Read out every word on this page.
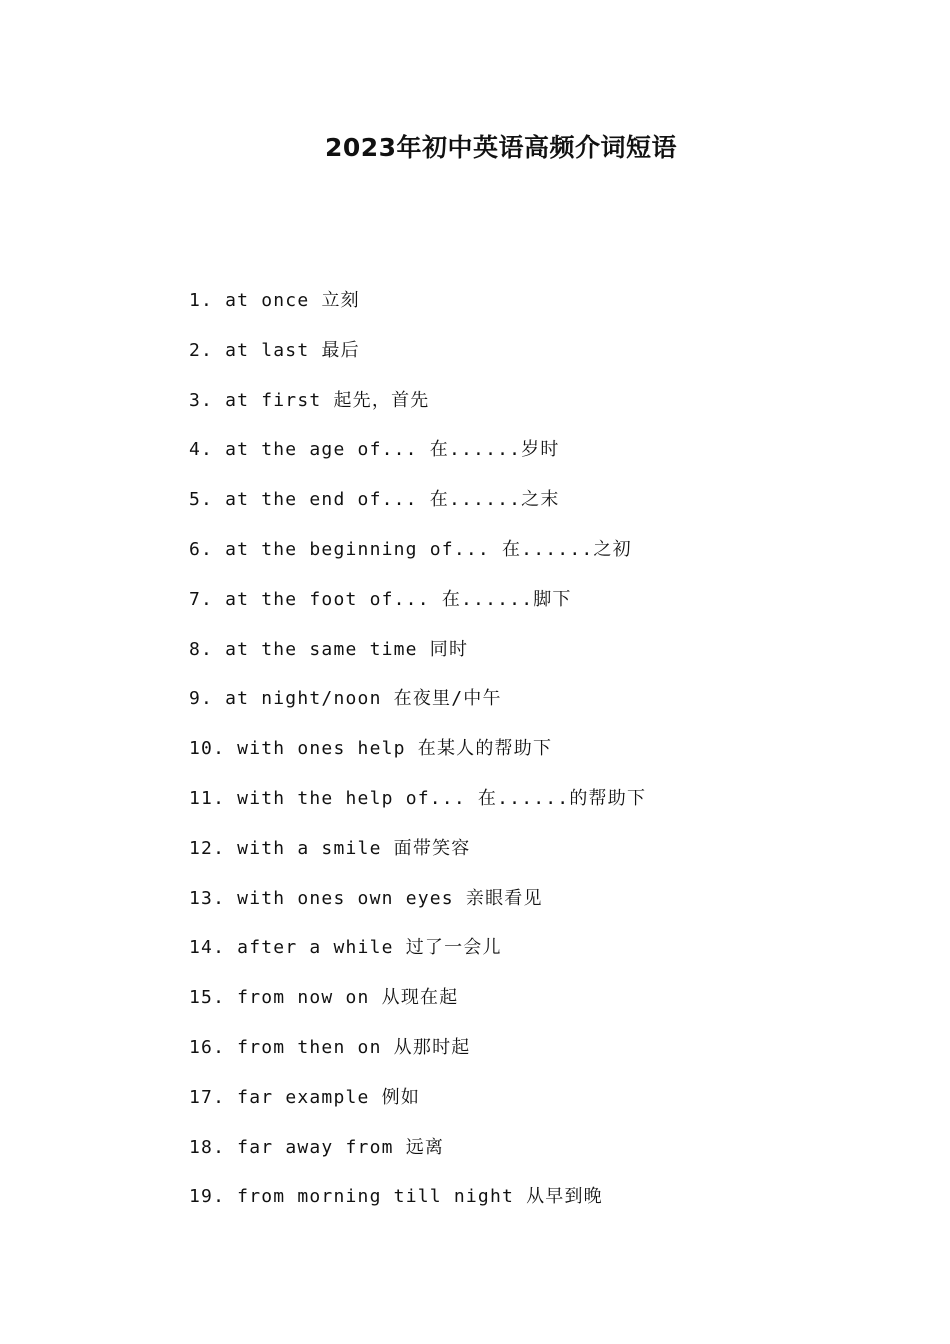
2023年初中英语高频介词短语
1. at once 立刻
2. at last 最后
3. at first 起先，首先
4. at the age of... 在......岁时
5. at the end of... 在......之末
6. at the beginning of... 在......之初
7. at the foot of... 在......脚下
8. at the same time 同时
9. at night/noon 在夜里/中午
10. with ones help 在某人的帮助下
11. with the help of... 在......的帮助下
12. with a smile 面带笑容
13. with ones own eyes 亲眼看见
14. after a while 过了一会儿
15. from now on 从现在起
16. from then on 从那时起
17. far example 例如
18. far away from 远离
19. from morning till night 从早到晚
